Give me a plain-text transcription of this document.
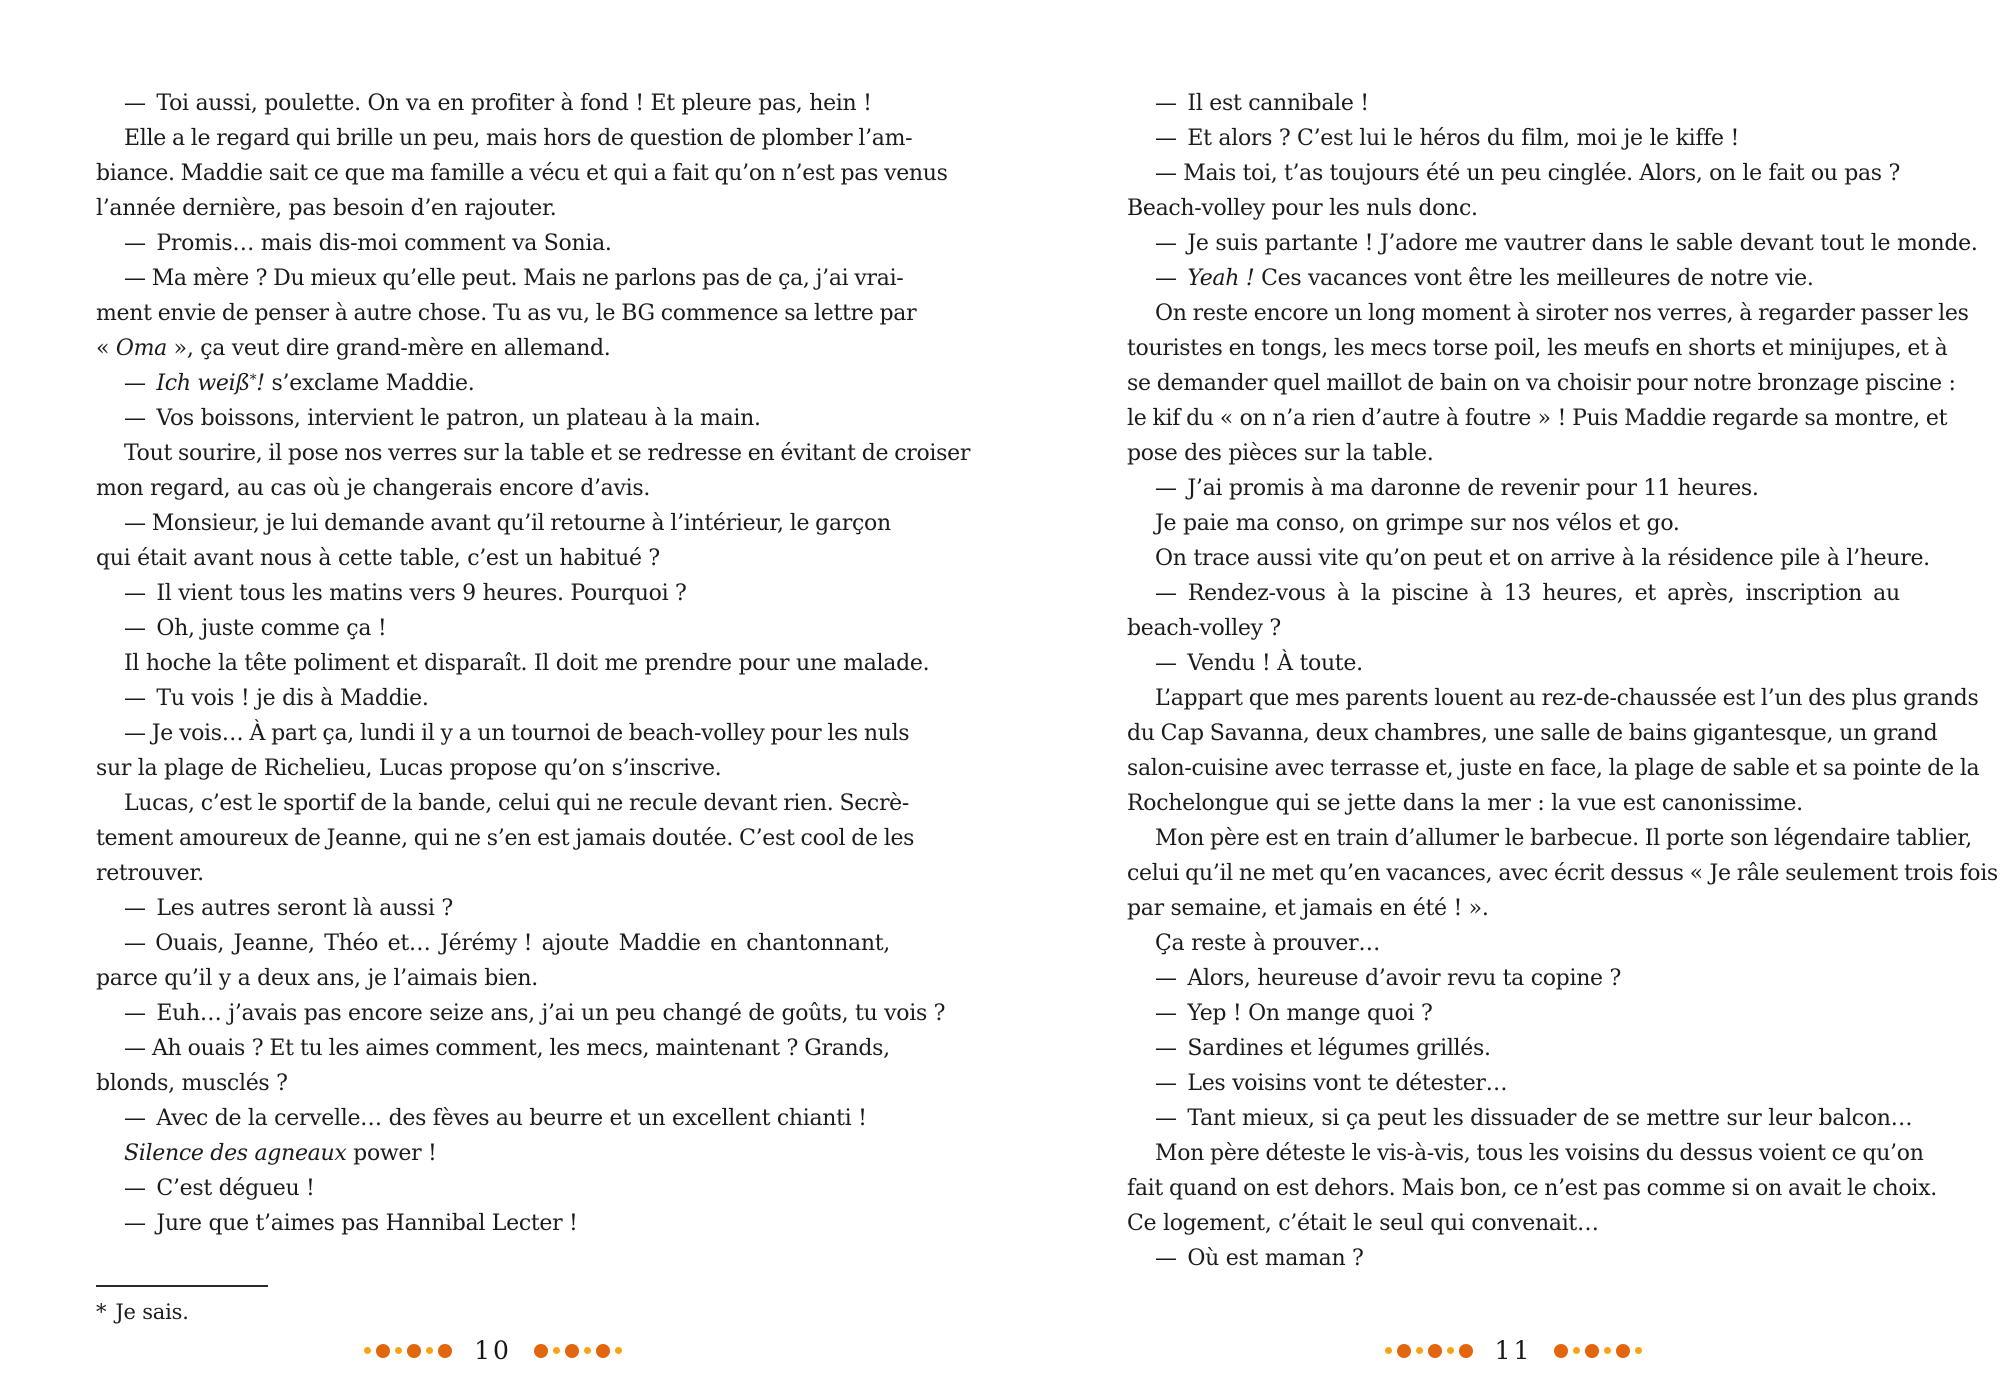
—  Toi aussi, poulette. On va en profiter à fond ! Et pleure pas, hein !
Elle a le regard qui brille un peu, mais hors de question de plomber l’am-
biance. Maddie sait ce que ma famille a vécu et qui a fait qu’on n’est pas venus
l’année dernière, pas besoin d’en rajouter.
—  Promis… mais dis-moi comment va Sonia.
— Ma mère ? Du mieux qu’elle peut. Mais ne parlons pas de ça, j’ai vrai-
ment envie de penser à autre chose. Tu as vu, le BG commence sa lettre par
« Oma », ça veut dire grand-mère en allemand.
—  Ich weiß*! s’exclame Maddie.
—  Vos boissons, intervient le patron, un plateau à la main.
Tout sourire, il pose nos verres sur la table et se redresse en évitant de croiser
mon regard, au cas où je changerais encore d’avis.
— Monsieur, je lui demande avant qu’il retourne à l’intérieur, le garçon
qui était avant nous à cette table, c’est un habitué ?
—  Il vient tous les matins vers 9 heures. Pourquoi ?
—  Oh, juste comme ça !
Il hoche la tête poliment et disparaît. Il doit me prendre pour une malade.
—  Tu vois ! je dis à Maddie.
— Je vois… À part ça, lundi il y a un tournoi de beach-volley pour les nuls
sur la plage de Richelieu, Lucas propose qu’on s’inscrive.
Lucas, c’est le sportif de la bande, celui qui ne recule devant rien. Secrè-
tement amoureux de Jeanne, qui ne s’en est jamais doutée. C’est cool de les
retrouver.
—  Les autres seront là aussi ?
— Ouais, Jeanne, Théo et… Jérémy ! ajoute Maddie en chantonnant,
parce qu’il y a deux ans, je l’aimais bien.
—  Euh… j’avais pas encore seize ans, j’ai un peu changé de goûts, tu vois ?
— Ah ouais ? Et tu les aimes comment, les mecs, maintenant ? Grands,
blonds, musclés ?
—  Avec de la cervelle… des fèves au beurre et un excellent chianti !
Silence des agneaux power !
—  C’est dégueu !
—  Jure que t’aimes pas Hannibal Lecter !
* Je sais.
10
—  Il est cannibale !
—  Et alors ? C’est lui le héros du film, moi je le kiffe !
— Mais toi, t’as toujours été un peu cinglée. Alors, on le fait ou pas ?
Beach-volley pour les nuls donc.
—  Je suis partante ! J’adore me vautrer dans le sable devant tout le monde.
—  Yeah ! Ces vacances vont être les meilleures de notre vie.
On reste encore un long moment à siroter nos verres, à regarder passer les
touristes en tongs, les mecs torse poil, les meufs en shorts et minijupes, et à
se demander quel maillot de bain on va choisir pour notre bronzage piscine :
le kif du « on n’a rien d’autre à foutre » ! Puis Maddie regarde sa montre, et
pose des pièces sur la table.
—  J’ai promis à ma daronne de revenir pour 11 heures.
Je paie ma conso, on grimpe sur nos vélos et go.
On trace aussi vite qu’on peut et on arrive à la résidence pile à l’heure.
— Rendez-vous à la piscine à 13 heures, et après, inscription au
beach-volley ?
—  Vendu ! À toute.
L’appart que mes parents louent au rez-de-chaussée est l’un des plus grands
du Cap Savanna, deux chambres, une salle de bains gigantesque, un grand
salon-cuisine avec terrasse et, juste en face, la plage de sable et sa pointe de la
Rochelongue qui se jette dans la mer : la vue est canonissime.
Mon père est en train d’allumer le barbecue. Il porte son légendaire tablier,
celui qu’il ne met qu’en vacances, avec écrit dessus « Je râle seulement trois fois
par semaine, et jamais en été ! ».
Ça reste à prouver…
—  Alors, heureuse d’avoir revu ta copine ?
—  Yep ! On mange quoi ?
—  Sardines et légumes grillés.
—  Les voisins vont te détester…
—  Tant mieux, si ça peut les dissuader de se mettre sur leur balcon…
Mon père déteste le vis-à-vis, tous les voisins du dessus voient ce qu’on
fait quand on est dehors. Mais bon, ce n’est pas comme si on avait le choix.
Ce logement, c’était le seul qui convenait…
—  Où est maman ?
11
